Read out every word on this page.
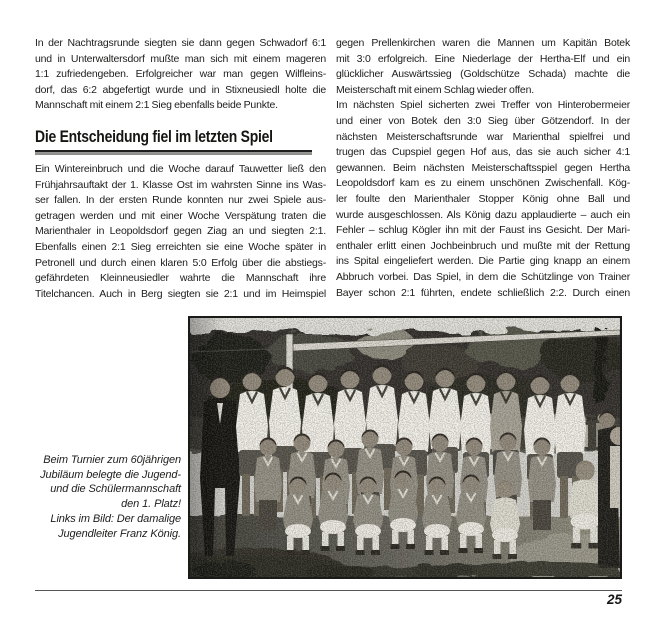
In der Nachtragsrunde siegten sie dann gegen Schwadorf 6:1
und in Unterwaltersdorf mußte man sich mit einem mageren
1:1 zufriedengeben. Erfolgreicher war man gegen Wilfleins-
dorf, das 6:2 abgefertigt wurde und in Stixneusiedl holte die
Mannschaft mit einem 2:1 Sieg ebenfalls beide Punkte.
Die Entscheidung fiel im letzten Spiel
Ein Wintereinbruch und die Woche darauf Tauwetter ließ den
Frühjahrsauftakt der 1. Klasse Ost im wahrsten Sinne ins Was-
ser fallen. In der ersten Runde konnten nur zwei Spiele aus-
getragen werden und mit einer Woche Verspätung traten die
Marienthaler in Leopoldsdorf gegen Ziag an und siegten 2:1.
Ebenfalls einen 2:1 Sieg erreichten sie eine Woche später in
Petronell und durch einen klaren 5:0 Erfolg über die abstiegs-
gefährdeten Kleinneusiedler wahrte die Mannschaft ihre
Titelchancen. Auch in Berg siegten sie 2:1 und im Heimspiel
gegen Prellenkirchen waren die Mannen um Kapitän Botek
mit 3:0 erfolgreich. Eine Niederlage der Hertha-Elf und ein
glücklicher Auswärtssieg (Goldschütze Schada) machte die
Meisterschaft mit einem Schlag wieder offen.
Im nächsten Spiel sicherten zwei Treffer von Hinterobermeier
und einer von Botek den 3:0 Sieg über Götzendorf. In der
nächsten Meisterschaftsrunde war Marienthal spielfrei und
trugen das Cupspiel gegen Hof aus, das sie auch sicher 4:1
gewannen. Beim nächsten Meisterschaftsspiel gegen Hertha
Leopoldsdorf kam es zu einem unschönen Zwischenfall. Kög-
ler foulte den Marienthaler Stopper König ohne Ball und
wurde ausgeschlossen. Als König dazu applaudierte – auch ein
Fehler – schlug Kögler ihn mit der Faust ins Gesicht. Der Mari-
enthaler erlitt einen Jochbeinbruch und mußte mit der Rettung
ins Spital eingeliefert werden. Die Partie ging knapp an einem
Abbruch vorbei. Das Spiel, in dem die Schützlinge von Trainer
Bayer schon 2:1 führten, endete schließlich 2:2. Durch einen
Beim Turnier zum 60jährigen
Jubiläum belegte die Jugend-
und die Schülermannschaft
den 1. Platz!
Links im Bild: Der damalige
Jugendleiter Franz König.
25
